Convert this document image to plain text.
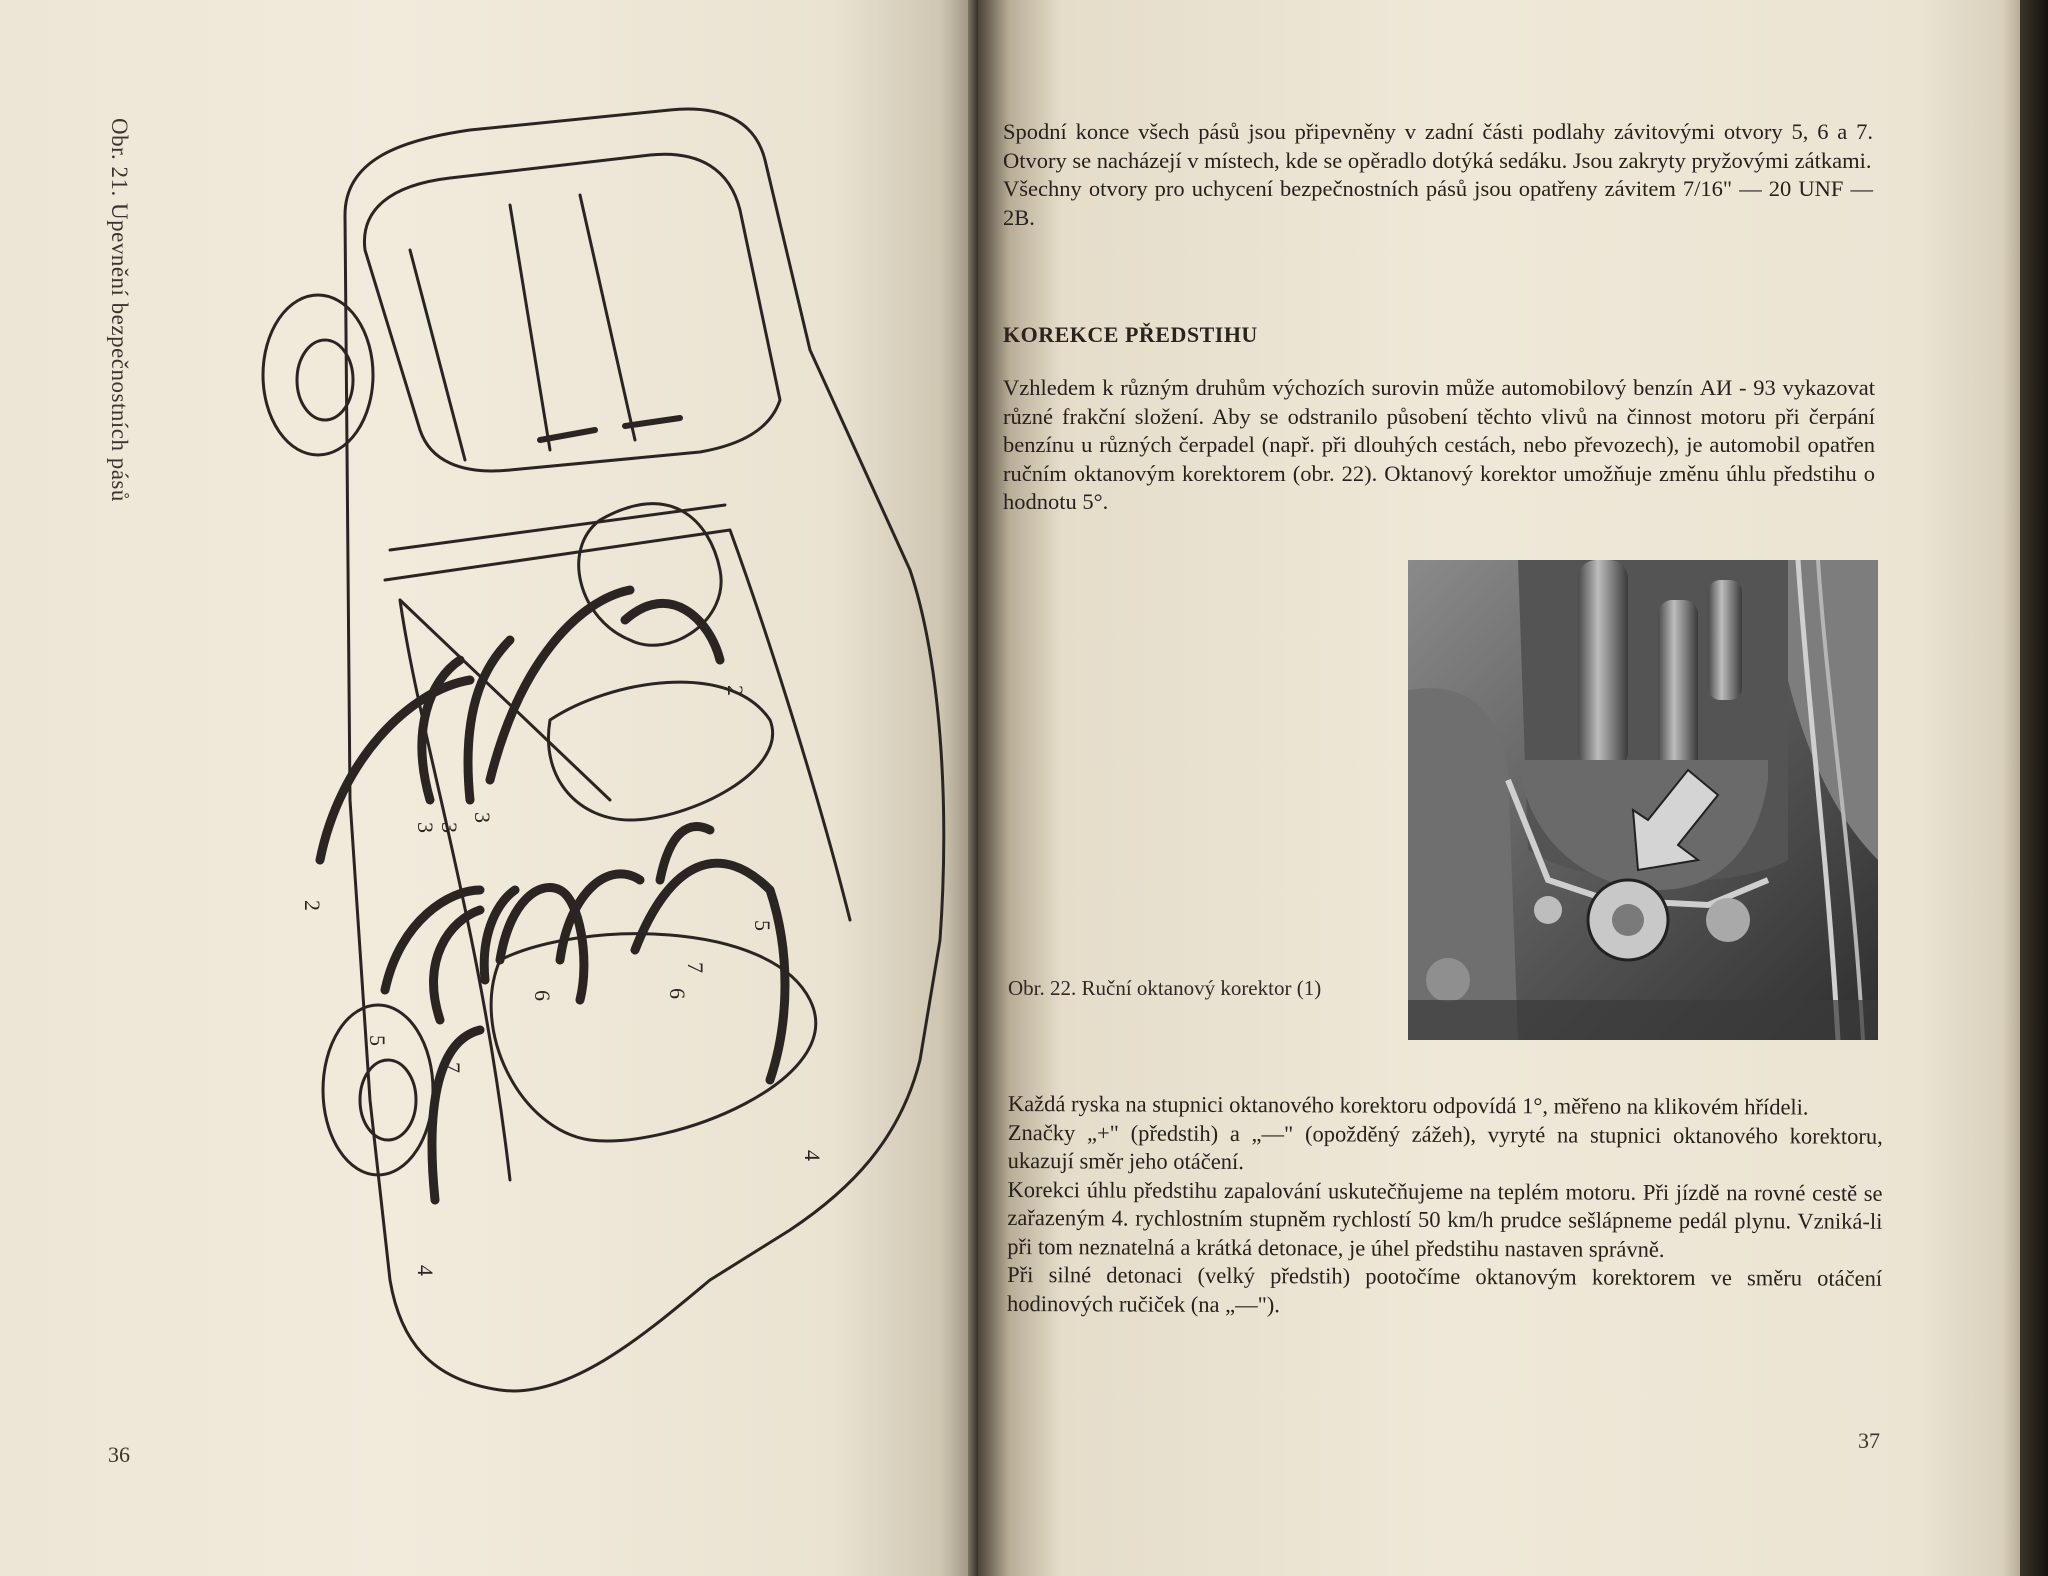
Obr. 21. Upevnění bezpečnostních pásů
2
2
3 3
3
5
5
6	6
7
7
4
4
36

Spodní konce všech pásů jsou připevněny v zadní části podlahy závitovými otvory 5, 6 a 7. Otvory se nacházejí v místech, kde se opěradlo dotýká sedáku. Jsou zakryty pryžovými zátkami.

Všechny otvory pro uchycení bezpečnostních pásů jsou opatřeny závitem 7/16" — 20 UNF — 2B.

KOREKCE PŘEDSTIHU

Vzhledem k různým druhům výchozích surovin může automobilový benzín АИ - 93 vykazovat různé frakční složení. Aby se odstranilo působení těchto vlivů na činnost motoru při čerpání benzínu u různých čerpadel (např. při dlouhých cestách, nebo převozech), je automobil opatřen ručním oktanovým korektorem (obr. 22). Oktanový korektor umožňuje změnu úhlu předstihu o hodnotu 5°.

Obr. 22. Ruční oktanový korektor (1)

Každá ryska na stupnici oktanového korektoru odpovídá 1°, měřeno na klikovém hřídeli.

Značky „+" (předstih) a „—" (opožděný zážeh), vyryté na stupnici oktanového korektoru, ukazují směr jeho otáčení.

Korekci úhlu předstihu zapalování uskutečňujeme na teplém motoru. Při jízdě na rovné cestě se zařazeným 4. rychlostním stupněm rychlostí 50 km/h prudce sešlápneme pedál plynu. Vzniká-li při tom neznatelná a krátká detonace, je úhel předstihu nastaven správně.

Při silné detonaci (velký předstih) pootočíme oktanovým korektorem ve směru otáčení hodinových ručiček (na „—").

37
